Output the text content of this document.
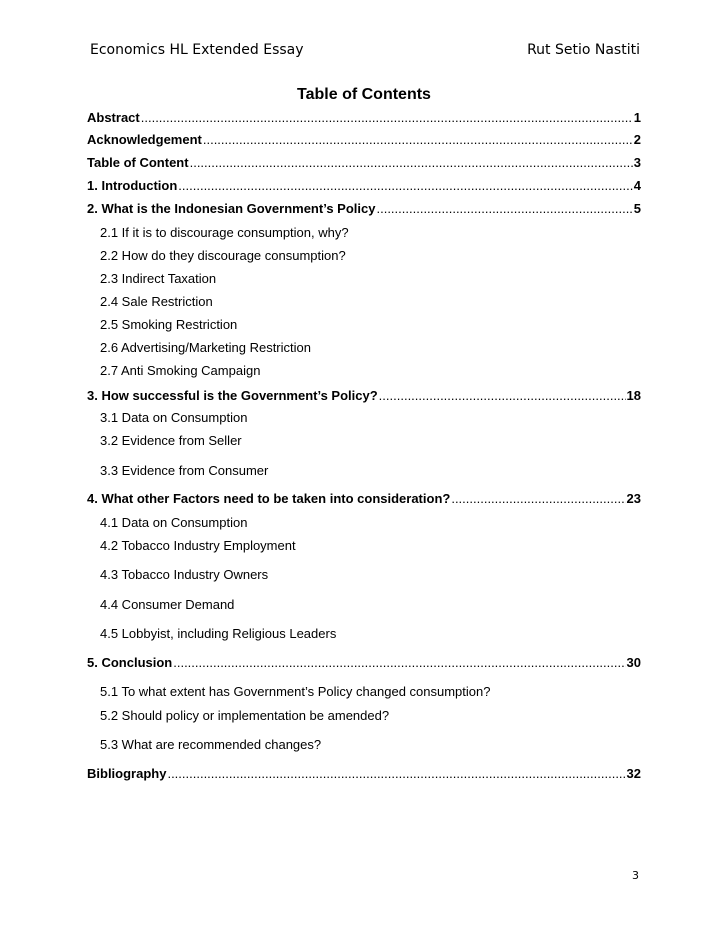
Economics HL Extended Essay	Rut Setio Nastiti
Table of Contents
Abstract .....	1
Acknowledgement .....	2
Table of Content .....	3
1. Introduction .....	4
2. What is the Indonesian Government’s Policy .....	5
2.1 If it is to discourage consumption, why?
2.2 How do they discourage consumption?
2.3 Indirect Taxation
2.4 Sale Restriction
2.5 Smoking Restriction
2.6 Advertising/Marketing Restriction
2.7 Anti Smoking Campaign
3. How successful is the Government’s Policy? .....	18
3.1 Data on Consumption
3.2 Evidence from Seller
3.3 Evidence from Consumer
4. What other Factors need to be taken into consideration? .....	23
4.1 Data on Consumption
4.2 Tobacco Industry Employment
4.3 Tobacco Industry Owners
4.4 Consumer Demand
4.5 Lobbyist, including Religious Leaders
5. Conclusion .....	30
5.1 To what extent has Government’s Policy changed consumption?
5.2 Should policy or implementation be amended?
5.3 What are recommended changes?
Bibliography .....	32
3
